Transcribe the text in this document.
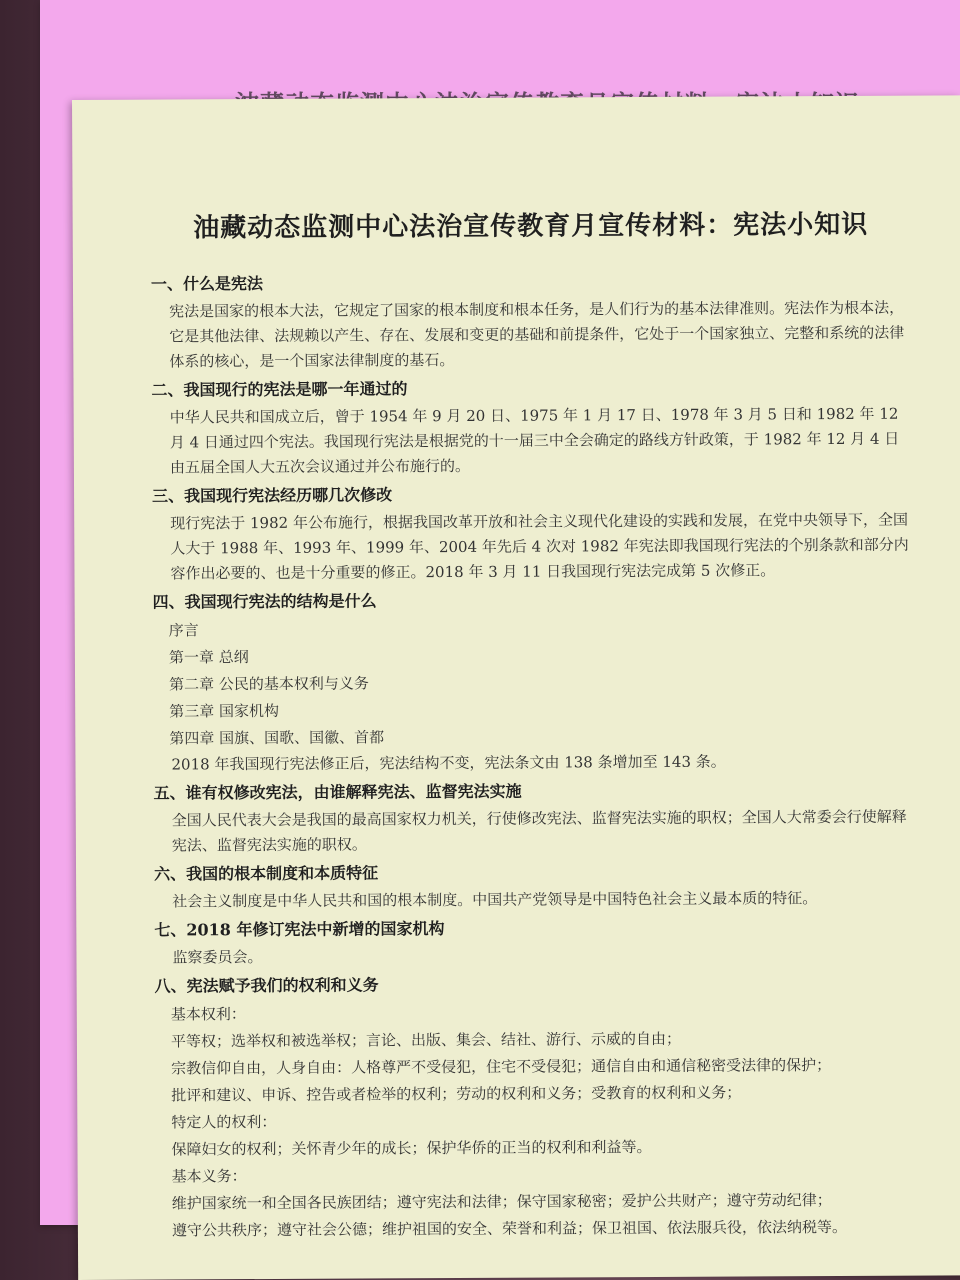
油藏动态监测中心法治宣传教育月宣传材料：宪法小知识
一、什么是宪法

宪法是国家的根本大法，它规定了国家的根本制度和根本任务，是人们行为的基本法律准则。宪法作为根本法，它是其他法律、法规赖以产生、存在、发展和变更的基础和前提条件，它处于一个国家独立、完整和系统的法律体系的核心，是一个国家法律制度的基石。

二、我国现行的宪法是哪一年通过的

中华人民共和国成立后，曾于 1954 年 9 月 20 日、1975 年 1 月 17 日、1978 年 3 月 5 日和 1982 年 12 月 4 日通过四个宪法。我国现行宪法是根据党的十一届三中全会确定的路线方针政策，于 1982 年 12 月 4 日由五届全国人大五次会议通过并公布施行的。

三、我国现行宪法经历哪几次修改

现行宪法于 1982 年公布施行，根据我国改革开放和社会主义现代化建设的实践和发展，在党中央领导下，全国人大于 1988 年、1993 年、1999 年、2004 年先后 4 次对 1982 年宪法即我国现行宪法的个别条款和部分内容作出必要的、也是十分重要的修正。2018 年 3 月 11 日我国现行宪法完成第 5 次修正。

四、我国现行宪法的结构是什么

序言

第一章 总纲

第二章 公民的基本权利与义务

第三章 国家机构

第四章 国旗、国歌、国徽、首都

2018 年我国现行宪法修正后，宪法结构不变，宪法条文由 138 条增加至 143 条。

五、谁有权修改宪法，由谁解释宪法、监督宪法实施

全国人民代表大会是我国的最高国家权力机关，行使修改宪法、监督宪法实施的职权；全国人大常委会行使解释宪法、监督宪法实施的职权。

六、我国的根本制度和本质特征

社会主义制度是中华人民共和国的根本制度。中国共产党领导是中国特色社会主义最本质的特征。

七、2018 年修订宪法中新增的国家机构

监察委员会。

八、宪法赋予我们的权利和义务

基本权利：

平等权；选举权和被选举权；言论、出版、集会、结社、游行、示威的自由；

宗教信仰自由，人身自由：人格尊严不受侵犯，住宅不受侵犯；通信自由和通信秘密受法律的保护；

批评和建议、申诉、控告或者检举的权利；劳动的权利和义务；受教育的权利和义务；

特定人的权利：

保障妇女的权利；关怀青少年的成长；保护华侨的正当的权利和利益等。

基本义务：

维护国家统一和全国各民族团结；遵守宪法和法律；保守国家秘密；爱护公共财产；遵守劳动纪律；

遵守公共秩序；遵守社会公德；维护祖国的安全、荣誉和利益；保卫祖国、依法服兵役，依法纳税等。
